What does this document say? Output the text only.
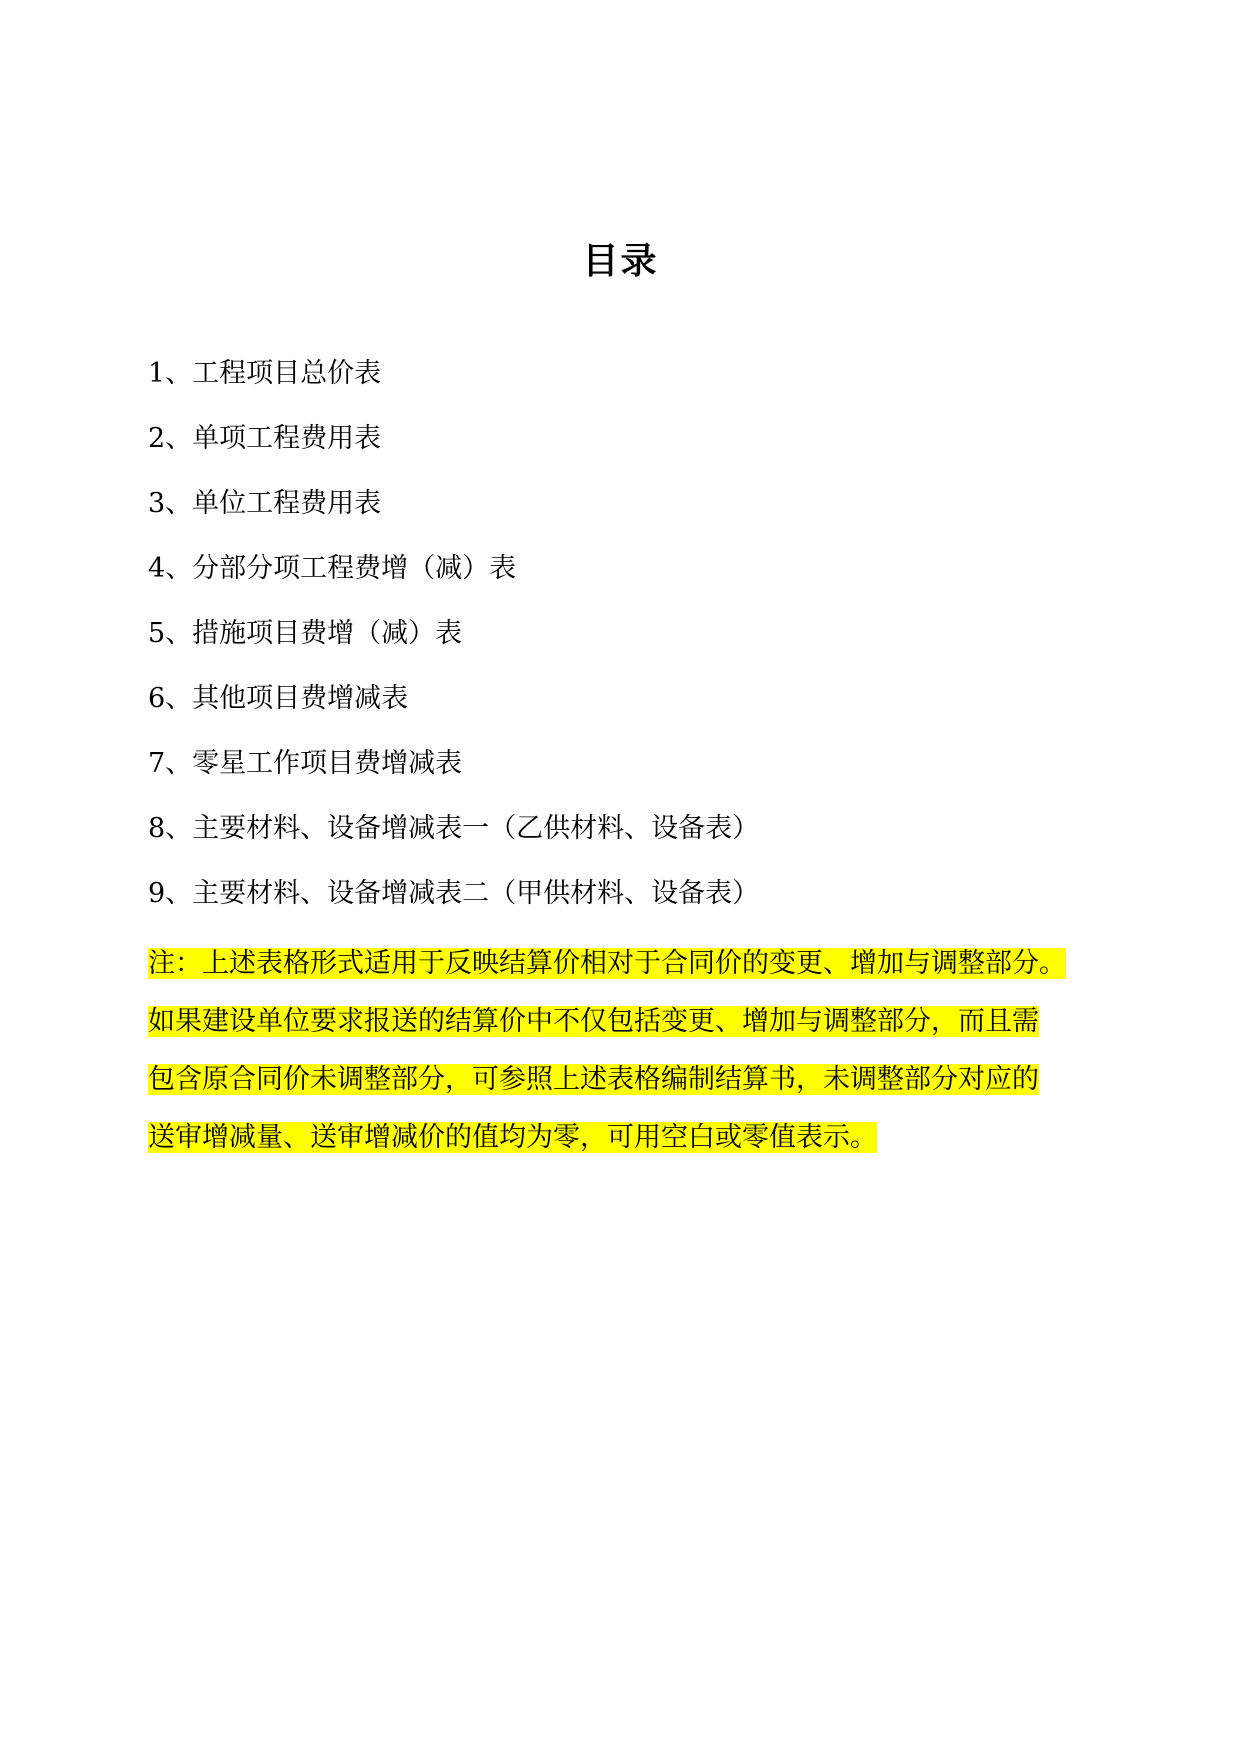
目录
1、工程项目总价表
2、单项工程费用表
3、单位工程费用表
4、分部分项工程费增（减）表
5、措施项目费增（减）表
6、其他项目费增减表
7、零星工作项目费增减表
8、主要材料、设备增减表一（乙供材料、设备表）
9、主要材料、设备增减表二（甲供材料、设备表）
注：上述表格形式适用于反映结算价相对于合同价的变更、增加与调整部分。
如果建设单位要求报送的结算价中不仅包括变更、增加与调整部分，而且需
包含原合同价未调整部分，可参照上述表格编制结算书，未调整部分对应的
送审增减量、送审增减价的值均为零，可用空白或零值表示。
